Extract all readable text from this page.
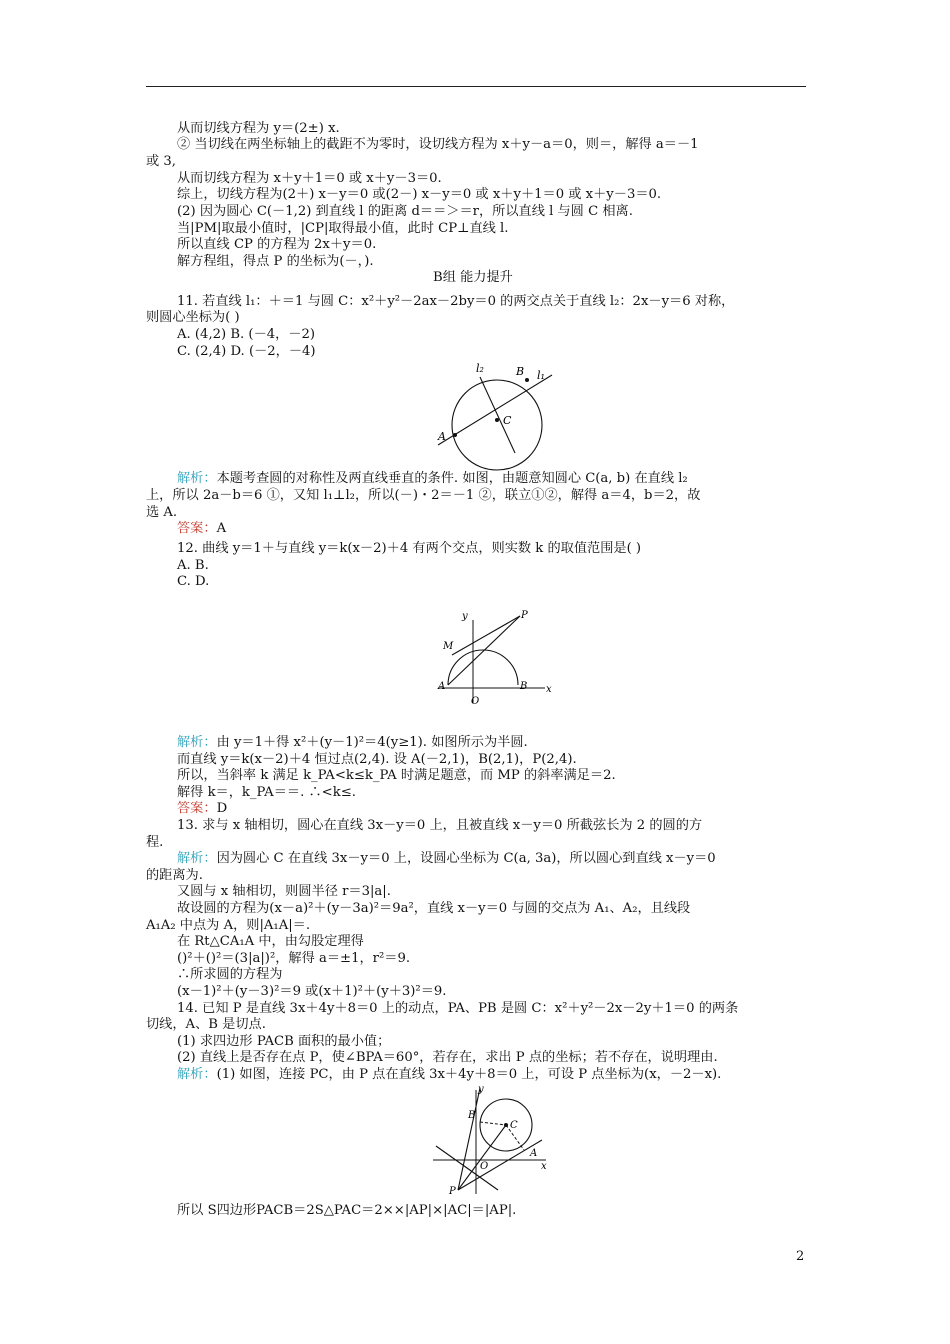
从而切线方程为 y＝(2±) x.
② 当切线在两坐标轴上的截距不为零时，设切线方程为 x＋y－a＝0，则＝，解得 a＝－1
或 3,
从而切线方程为 x＋y＋1＝0 或 x＋y－3＝0.
综上，切线方程为(2＋) x－y＝0 或(2－) x－y＝0 或 x＋y＋1＝0 或 x＋y－3＝0.
(2) 因为圆心 C(－1,2) 到直线 l 的距离 d＝＝＞＝r，所以直线 l 与圆 C 相离.
当|PM|取最小值时，|CP|取得最小值，此时 CP⊥直线 l.
所以直线 CP 的方程为 2x＋y＝0.
解方程组，得点 P 的坐标为(－，).
B组 能力提升
11. 若直线 l₁：＋＝1 与圆 C：x²＋y²－2ax－2by＝0 的两交点关于直线 l₂：2x－y＝6 对称，
则圆心坐标为( )
A. (4,2) B. (－4，－2)
C. (2,4) D. (－2，－4)
l₂	B l₁
A
C
解析：本题考查圆的对称性及两直线垂直的条件. 如图，由题意知圆心 C(a, b) 在直线 l₂
上，所以 2a－b＝6 ①，又知 l₁⊥l₂，所以(－)・2＝－1 ②，联立①②，解得 a＝4，b＝2，故
选 A.
答案：A
12. 曲线 y＝1＋与直线 y＝k(x－2)＋4 有两个交点，则实数 k 的取值范围是( )
A. B.
C. D.
y	P
M
A
O
B x
解析：由 y＝1＋得 x²＋(y－1)²＝4(y≥1). 如图所示为半圆.
而直线 y＝k(x－2)＋4 恒过点(2,4). 设 A(－2,1)，B(2,1)，P(2,4).
所以，当斜率 k 满足 k_PA<k≤k_PA 时满足题意，而 MP 的斜率满足＝2.
解得 k＝，k_PA＝＝. ∴<k≤.
答案：D
13. 求与 x 轴相切，圆心在直线 3x－y＝0 上，且被直线 x－y＝0 所截弦长为 2 的圆的方
程.
解析：因为圆心 C 在直线 3x－y＝0 上，设圆心坐标为 C(a, 3a)，所以圆心到直线 x－y＝0
的距离为.
又圆与 x 轴相切，则圆半径 r＝3|a|.
故设圆的方程为(x－a)²＋(y－3a)²＝9a²，直线 x－y＝0 与圆的交点为 A₁、A₂，且线段
A₁A₂ 中点为 A，则|A₁A|＝.
在 Rt△CA₁A 中，由勾股定理得
()²＋()²＝(3|a|)²，解得 a＝±1，r²＝9.
∴所求圆的方程为
(x－1)²＋(y－3)²＝9 或(x＋1)²＋(y＋3)²＝9.
14. 已知 P 是直线 3x＋4y＋8＝0 上的动点，PA、PB 是圆 C：x²＋y²－2x－2y＋1＝0 的两条
切线，A、B 是切点.
(1) 求四边形 PACB 面积的最小值；
(2) 直线上是否存在点 P，使∠BPA＝60°，若存在，求出 P 点的坐标；若不存在，说明理由.
解析：(1) 如图，连接 PC，由 P 点在直线 3x＋4y＋8＝0 上，可设 P 点坐标为(x，－2－x).
y
B
C
O
A
x
P
所以 S四边形PACB＝2S△PAC＝2××|AP|×|AC|＝|AP|.
2
